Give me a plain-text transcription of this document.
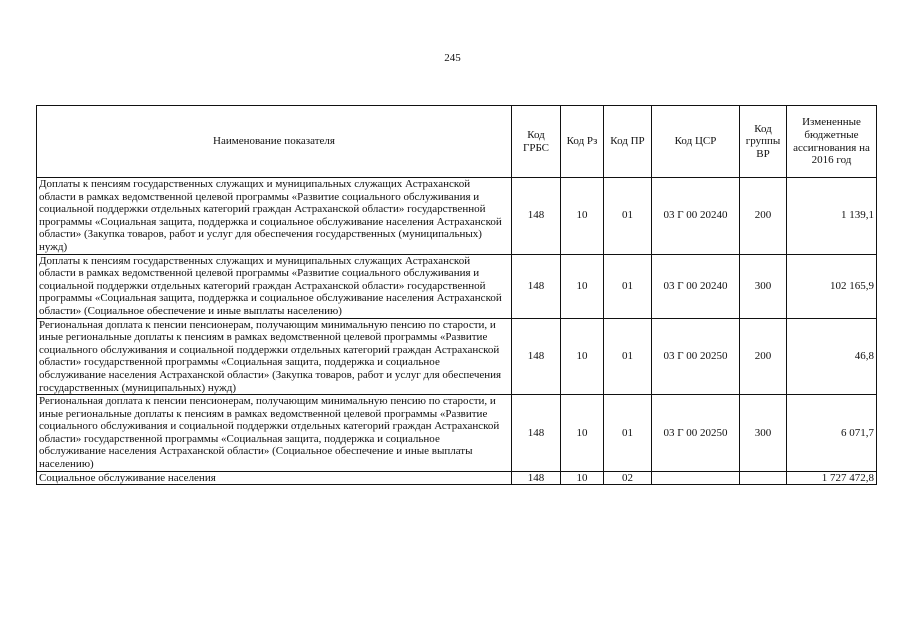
245
Наименование показателя	Код ГРБС	Код Рз	Код ПР	Код ЦСР	Код группы ВР	Измененные бюджетные ассигнования на 2016 год
Доплаты к пенсиям государственных служащих и муниципальных служащих Астраханской области в рамках ведомственной целевой программы «Развитие социального обслуживания и социальной поддержки отдельных категорий граждан Астраханской области» государственной программы «Социальная защита, поддержка и социальное обслуживание населения Астраханской области» (Закупка товаров, работ и услуг для обеспечения государственных (муниципальных) нужд)	148	10	01	03 Г 00 20240	200	1 139,1
Доплаты к пенсиям государственных служащих и муниципальных служащих Астраханской области в рамках ведомственной целевой программы «Развитие социального обслуживания и социальной поддержки отдельных категорий граждан Астраханской области» государственной программы «Социальная защита, поддержка и социальное обслуживание населения Астраханской области» (Социальное обеспечение и иные выплаты населению)	148	10	01	03 Г 00 20240	300	102 165,9
Региональная доплата к пенсии пенсионерам, получающим минимальную пенсию по старости, и иные региональные доплаты к пенсиям в рамках ведомственной целевой программы «Развитие социального обслуживания и социальной поддержки отдельных категорий граждан Астраханской области» государственной программы «Социальная защита, поддержка и социальное обслуживание населения Астраханской области» (Закупка товаров, работ и услуг для обеспечения государственных (муниципальных) нужд)	148	10	01	03 Г 00 20250	200	46,8
Региональная доплата к пенсии пенсионерам, получающим минимальную пенсию по старости, и иные региональные доплаты к пенсиям в рамках ведомственной целевой программы «Развитие социального обслуживания и социальной поддержки отдельных категорий граждан Астраханской области» государственной программы «Социальная защита, поддержка и социальное обслуживание населения Астраханской области» (Социальное обеспечение и иные выплаты населению)	148	10	01	03 Г 00 20250	300	6 071,7
Социальное обслуживание населения	148	10	02			1 727 472,8
